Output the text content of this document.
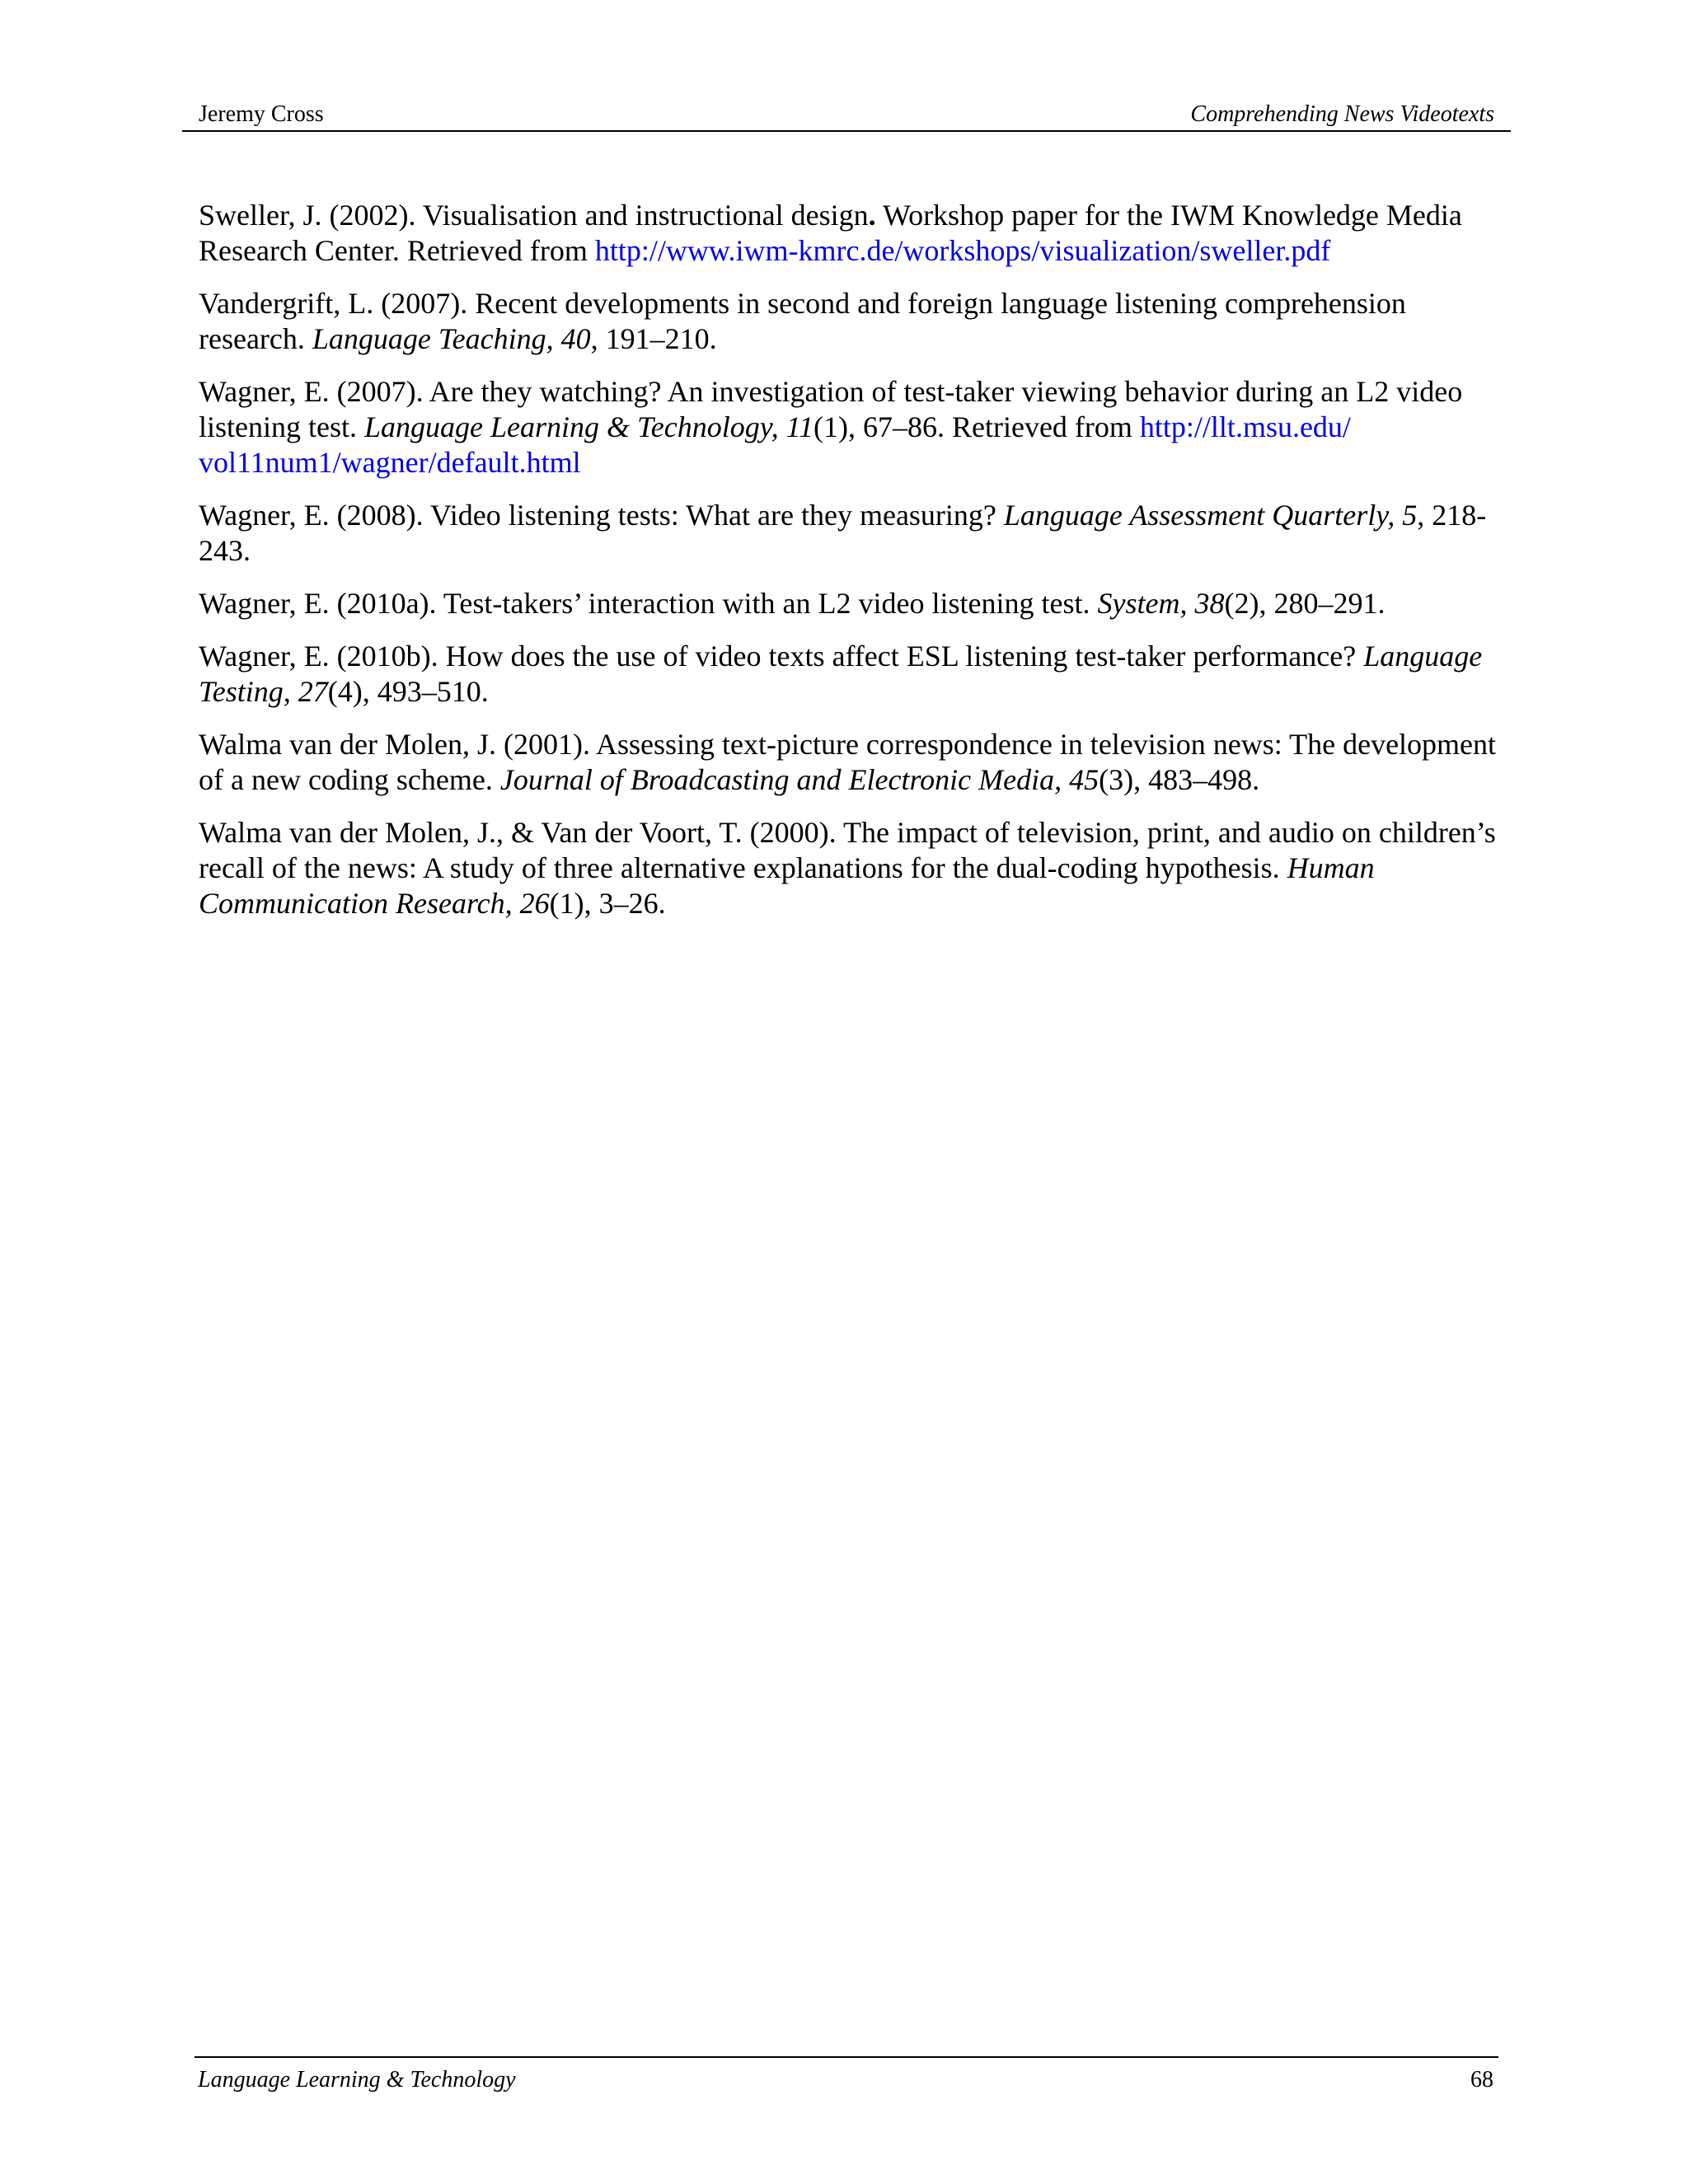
Jeremy Cross	Comprehending News Videotexts

Sweller, J. (2002). Visualisation and instructional design. Workshop paper for the IWM Knowledge Media Research Center. Retrieved from http://www.iwm-kmrc.de/workshops/visualization/sweller.pdf

Vandergrift, L. (2007). Recent developments in second and foreign language listening comprehension research. Language Teaching, 40, 191–210.

Wagner, E. (2007). Are they watching? An investigation of test-taker viewing behavior during an L2 video listening test. Language Learning & Technology, 11(1), 67–86. Retrieved from http://llt.msu.edu/
vol11num1/wagner/default.html

Wagner, E. (2008). Video listening tests: What are they measuring? Language Assessment Quarterly, 5, 218-243.

Wagner, E. (2010a). Test-takers’ interaction with an L2 video listening test. System, 38(2), 280–291.

Wagner, E. (2010b). How does the use of video texts affect ESL listening test-taker performance? Language Testing, 27(4), 493–510.

Walma van der Molen, J. (2001). Assessing text-picture correspondence in television news: The development of a new coding scheme. Journal of Broadcasting and Electronic Media, 45(3), 483–498.

Walma van der Molen, J., & Van der Voort, T. (2000). The impact of television, print, and audio on children’s recall of the news: A study of three alternative explanations for the dual-coding hypothesis. Human Communication Research, 26(1), 3–26.

Language Learning & Technology	68
